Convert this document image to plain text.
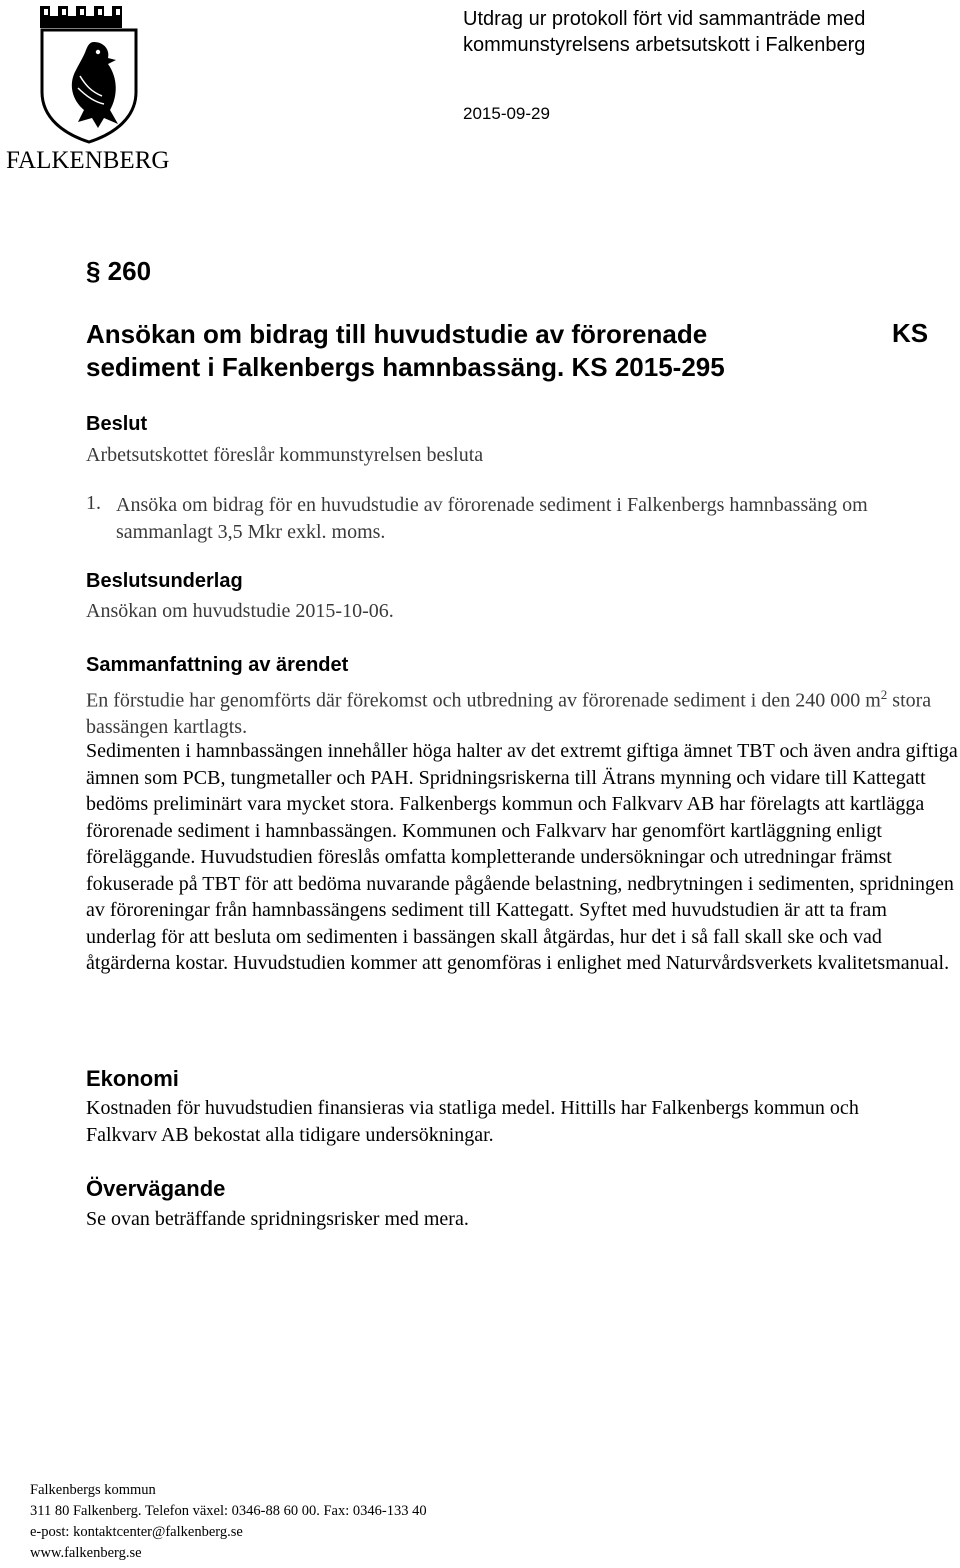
FALKENBERG
Utdrag ur protokoll fört vid sammanträde med kommunstyrelsens arbetsutskott i Falkenberg
2015-09-29
§ 260
Ansökan om bidrag till huvudstudie av förorenade sediment i Falkenbergs hamnbassäng. KS 2015-295
KS
Beslut
Arbetsutskottet föreslår kommunstyrelsen besluta
1. Ansöka om bidrag för en huvudstudie av förorenade sediment i Falkenbergs hamnbassäng om sammanlagt 3,5 Mkr exkl. moms.
Beslutsunderlag
Ansökan om huvudstudie 2015-10-06.
Sammanfattning av ärendet
En förstudie har genomförts där förekomst och utbredning av förorenade sediment i den 240 000 $m^2$ stora bassängen kartlagts.
Sedimenten i hamnbassängen innehåller höga halter av det extremt giftiga ämnet TBT och även andra giftiga ämnen som PCB, tungmetaller och PAH. Spridningsriskerna till Ätrans mynning och vidare till Kattegatt bedöms preliminärt vara mycket stora. Falkenbergs kommun och Falkvarv AB har förelagts att kartlägga förorenade sediment i hamnbassängen. Kommunen och Falkvarv har genomfört kartläggning enligt föreläggande. Huvudstudien föreslås omfatta kompletterande undersökningar och utredningar främst fokuserade på TBT för att bedöma nuvarande pågående belastning, nedbrytningen i sedimenten, spridningen av föroreningar från hamnbassängens sediment till Kattegatt. Syftet med huvudstudien är att ta fram underlag för att besluta om sedimenten i bassängen skall åtgärdas, hur det i så fall skall ske och vad åtgärderna kostar. Huvudstudien kommer att genomföras i enlighet med Naturvårdsverkets kvalitetsmanual.
Ekonomi
Kostnaden för huvudstudien finansieras via statliga medel. Hittills har Falkenbergs kommun och Falkvarv AB bekostat alla tidigare undersökningar.
Övervägande
Se ovan beträffande spridningsrisker med mera.
Falkenbergs kommun
311 80 Falkenberg. Telefon växel: 0346-88 60 00. Fax: 0346-133 40
e-post: kontaktcenter@falkenberg.se
www.falkenberg.se
